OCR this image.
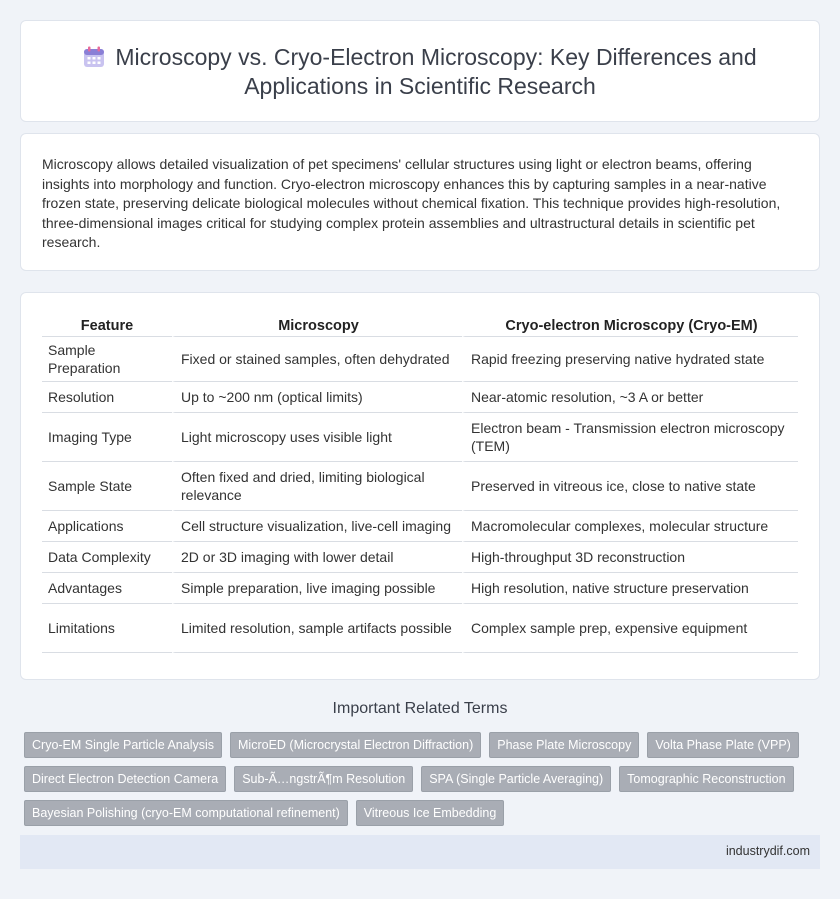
Microscopy vs. Cryo-Electron Microscopy: Key Differences and
Applications in Scientific Research

Microscopy allows detailed visualization of pet specimens' cellular structures using light or electron beams, offering insights into morphology and function. Cryo-electron microscopy enhances this by capturing samples in a near-native frozen state, preserving delicate biological molecules without chemical fixation. This technique provides high-resolution, three-dimensional images critical for studying complex protein assemblies and ultrastructural details in scientific pet research.

Feature	Microscopy	Cryo-electron Microscopy (Cryo-EM)
Sample Preparation	Fixed or stained samples, often dehydrated	Rapid freezing preserving native hydrated state
Resolution	Up to ~200 nm (optical limits)	Near-atomic resolution, ~3 A or better
Imaging Type	Light microscopy uses visible light	Electron beam - Transmission electron microscopy (TEM)
Sample State	Often fixed and dried, limiting biological relevance	Preserved in vitreous ice, close to native state
Applications	Cell structure visualization, live-cell imaging	Macromolecular complexes, molecular structure
Data Complexity	2D or 3D imaging with lower detail	High-throughput 3D reconstruction
Advantages	Simple preparation, live imaging possible	High resolution, native structure preservation
Limitations	Limited resolution, sample artifacts possible	Complex sample prep, expensive equipment
Important Related Terms
Cryo-EM Single Particle Analysis	MicroED (Microcrystal Electron Diffraction)	Phase Plate Microscopy	Volta Phase Plate (VPP)
Direct Electron Detection Camera	Sub-Ã…ngstrÃ¶m Resolution	SPA (Single Particle Averaging)	Tomographic Reconstruction
Bayesian Polishing (cryo-EM computational refinement)	Vitreous Ice Embedding
industrydif.com
